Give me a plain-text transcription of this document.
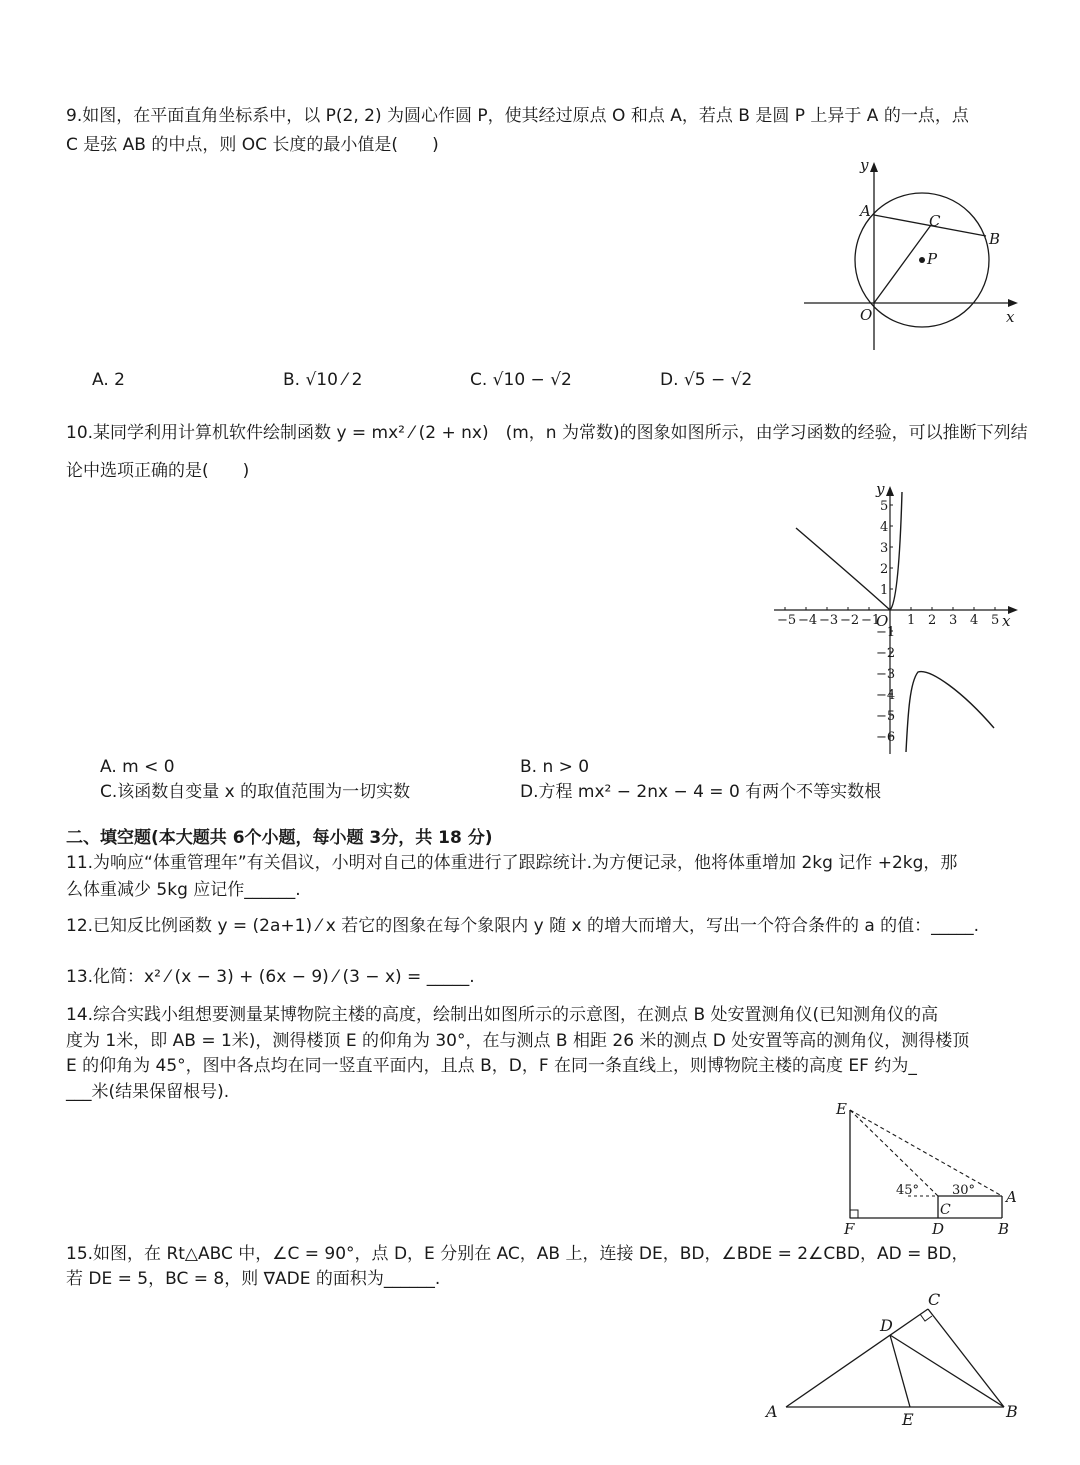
9.如图，在平面直角坐标系中，以 P(2, 2) 为圆心作圆 P，使其经过原点 O 和点 A，若点 B 是圆 P 上异于 A 的一点，点
C 是弦 AB 的中点，则 OC 长度的最小值是(　　)
y
x
O
A
B
C
P
A. 2	B. √10 ⁄ 2	C. √10 − √2	D. √5 − √2
10.某同学利用计算机软件绘制函数 y = mx² ⁄ (2 + nx)　(m，n 为常数)的图象如图所示，由学习函数的经验，可以推断下列结
论中选项正确的是(　　)
−5 −4 −3 −2 −1 1 2 3 4 5
5
4
3
2
1
−1
−2
−3
−4
−5
−6
y
x
O
A. m < 0	B. n > 0
C.该函数自变量 x 的取值范围为一切实数	D.方程 mx² − 2nx − 4 = 0 有两个不等实数根
二、填空题(本大题共 6个小题，每小题 3分，共 18 分)
11.为响应“体重管理年”有关倡议，小明对自己的体重进行了跟踪统计.为方便记录，他将体重增加 2kg 记作 +2kg，那
么体重减少 5kg 应记作______.
12.已知反比例函数 y = (2a+1) ⁄ x 若它的图象在每个象限内 y 随 x 的增大而增大，写出一个符合条件的 a 的值：_____.
13.化简：x² ⁄ (x − 3) + (6x − 9) ⁄ (3 − x) = _____.
14.综合实践小组想要测量某博物院主楼的高度，绘制出如图所示的示意图，在测点 B 处安置测角仪(已知测角仪的高
度为 1米，即 AB = 1米)，测得楼顶 E 的仰角为 30°，在与测点 B 相距 26 米的测点 D 处安置等高的测角仪，测得楼顶
E 的仰角为 45°，图中各点均在同一竖直平面内，且点 B，D，F 在同一条直线上，则博物院主楼的高度 EF 约为_
___米(结果保留根号).
E
A
C
F	D	B
45°	30°
15.如图，在 Rt△ABC 中，∠C = 90°，点 D，E 分别在 AC，AB 上，连接 DE，BD，∠BDE = 2∠CBD，AD = BD，
若 DE = 5，BC = 8，则 ∇ADE 的面积为______.
A	B
C
D
E
